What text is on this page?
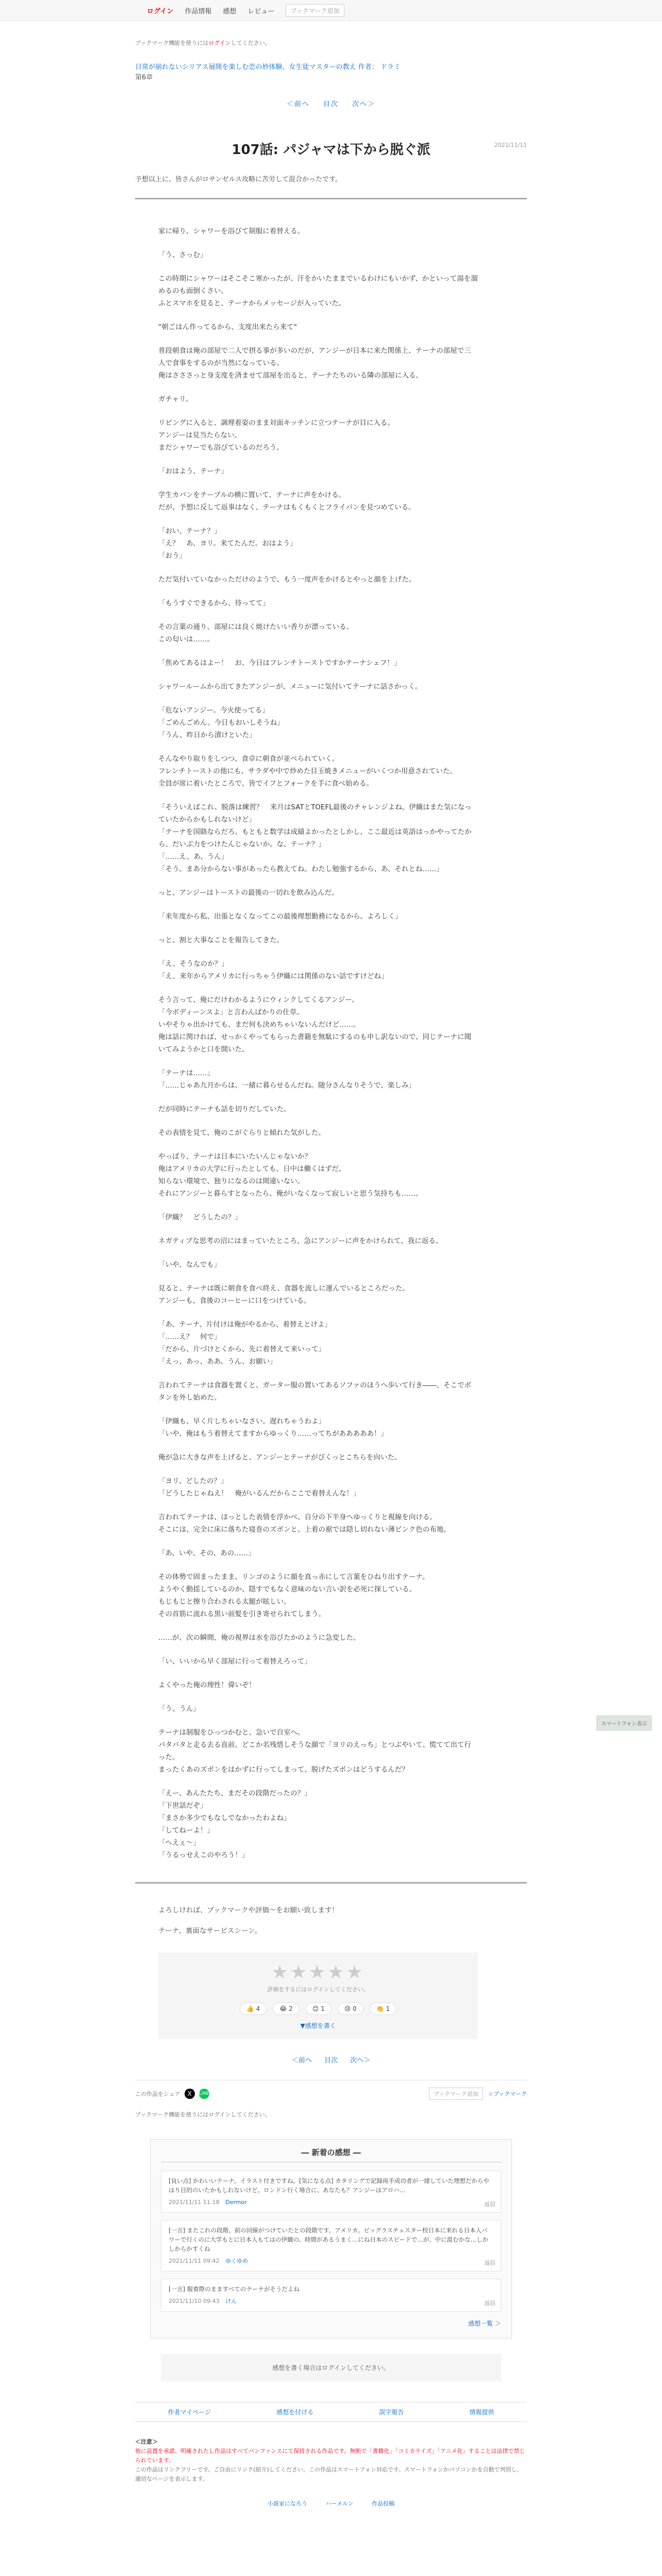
ログイン 作品情報 感想 レビュー	ブックマーク追加
ブックマーク機能を使うにはログインしてください。
日常が崩れないシリアス展開を楽しむ恋の妙体験、女生徒マスターの教え 作者： ドラミ
第6章
＜前へ 目次 次へ＞
2021/11/11
107話: パジャマは下から脱ぐ派
予想以上に、皆さんがロサンゼルス攻略に苦労して混合かったです。

家に帰り、シャワーを浴びて制服に着替える。

「う、さっむ」

この時期にシャワーはそこそこ寒かったが、汗をかいたままでいるわけにもいかず、かといって湯を溜めるのも面倒くさい。
ふとスマホを見ると、テーナからメッセージが入っていた。

"朝ごはん作ってるから、支度出来たら来て"

普段朝食は俺の部屋で二人で摂る事が多いのだが、アンジーが日本に来た関係上、テーナの部屋で三人で食事をするのが当然になっている。
俺はさささっと身支度を済ませて部屋を出ると、テーナたちのいる隣の部屋に入る。

ガチャリ。

リビングに入ると、調理着姿のまま対面キッチンに立つテーナが目に入る。
アンジーは見当たらない。
まだシャワーでも浴びているのだろう。

「おはよう、テーナ」

学生カバンをテーブルの横に置いて、テーナに声をかける。
だが、予想に反して返事はなく、テーナはもくもくとフライパンを見つめている。

「おい、テーナ？」
「え？　あ、ヨリ。来てたんだ。おはよう」
「おう」

ただ気付いていなかっただけのようで、もう一度声をかけるとやっと顔を上げた。

「もうすぐできるから、待ってて」

その言葉の通り、部屋には良く焼けたいい香りが漂っている。
この匂いは……。

「焦めてあるはよー！　お、今日はフレンチトーストですかテーナシェフ！」

シャワールームから出てきたアンジーが、メニューに気付いてテーナに話さかっく。

「危ないアンジー。今火使ってる」
「ごめんごめん。今日もおいしそうね」
「うん、昨日から漬けといた」

そんなやり取りをしつつ、食卓に朝食が並べられていく。
フレンチトーストの他にも、サラダや中で炒めた目玉焼きメニューがいくつか用意されていた。
全員が席に着いたところで、皆でイフとフォークを手に食べ始める。

「そういえばこれ、脱落は練習？　来月はSATとTOEFL最後のチャレンジよね。伊織はまた気になっていたからかもしれないけど」
「テーナを国賂ならだろ。もともと数学は成績よかったとしかし、ここ最近は英語はっかやってたから、だいぶ力をつけたんじゃないか。な、テーナ？」
「……え、あ、うん」
「そう。まあ分からない事があったら教えてね。わたし勉強するから、あ、それとね……」

っと、アンジーはトーストの最後の一切れを飲み込んだ。

「来年度から私、出張となくなってこの最後理想勤務になるから。よろしく」

っと、割と大事なことを報告してきた。

「え、そうなのか？」
「え、来年からアメリカに行っちゃう伊織には関係のない話ですけどね」

そう言って、俺にだけわかるようにウィンクしてくるアンジー。
「今ボディーンスよ」と言わんばかりの仕草。
いやそりゃ出かけても、まだ何も決めちゃいないんだけど……。
俺は話に関ければ、せっかくやってもらった書籍を無駄にするのも申し訳ないので、同じテーナに聞いてみようかと口を開いた。

「テーナは……」
「……じゃあ九月からは、一緒に暮らせるんだね。随分さんなりそうで、楽しみ」

だが同時にテーナも話を切りだしていた。

その表情を見て、俺のこがぐらりと傾れた気がした。

やっぱり、テーナは日本にいたいんじゃないか？
俺はアメリカの大学に行ったとしても、日中は働くはずだ。
知らない環境で、独りになるのは間違いない。
それにアンジーと暮らすとなったら、俺がいなくなって寂しいと思う気持ちも……。

「伊織？　どうしたの？」

ネガティブな思考の沼にはまっていたところ、急にアンジーに声をかけられて、我に返る。

「いや、なんでも」

見ると、テーナは既に朝食を食べ終え、食器を流しに運んでいるところだった。
アンジーも、食後のコーヒーに口をつけている。

「あ、テーナ、片付けは俺がやるから、着替えとけよ」
「……え？　何で」
「だから、片づけとくから、先に着替えて来いって」
「えっ、あっ、ああ。うん、お願い」

言われてテーナは食器を置くと、ガーター服の置いてあるソファのほうへ歩いて行き――、そこでボタンを外し始めた。

「伊織も、早く片しちゃいなさい。遅れちゃうわよ」
「いや、俺はもう着替えてますからゆっくり……ってちがあああああ！」

俺が急に大きな声を上げると、アンジーとテーナがびくっとこちらを向いた。

「ヨリ、どしたの？」
「どうしたじゃねえ！　俺がいるんだからここで着替えんな！」

言われてテーナは、ほっとした表情を浮かべ、自分の下半身へゆっくりと視線を向ける。
そこには、完全に床に落ちた寝巻のズボンと、上着の裾では隠し切れない薄ピンク色の布地。

「あ、いや、その、あの……」

その体勢で固まったまま、リンゴのように顔を真っ赤にして言葉をひねり出すテーナ。
ようやく動揺しているのか、隠すでもなく意味のない言い訳を必死に探している。
もじもじと擦り合わされる太腿が眩しい。
その首筋に流れる黒い前髪を引き寄せられてしまう。

……が、次の瞬間、俺の視界は水を浴びたかのように急変した。

「い、いいから早く部屋に行って着替えろって」

よくやった俺の理性！偉いぞ！

「う、うん」

テーナは制服をひっつかむと、急いで自室へ。
パタパタと走る去る直前、どこか名残惜しそうな顔で「ヨリのえっち」とつぶやいて、慌てて出て行った。
まったくあのズボンをはかずに行ってしまって、脱げたズボンはどうするんだ？

「えー、あんたたち、まだその段階だったの？」
「下世話だぞ」
「まさか多少でもなしでなかったわよね」
「してねーよ！」
「へえぇ～」
「うるっせえこのやろう！」

よろしければ、ブックマークや評価～をお願い致します！

テーナ、裏面なサービスシーン。

★★★★★
評価をするにはログインしてください。
👍 4	😂 2	😊 1	😢 0	👏 1
▼感想を書く
＜前へ 目次 次へ＞
この作品をシェア	X	LINE	ブックマーク追加	☆ブックマーク
ブックマーク機能を使うにはログインしてください。
― 新着の感想 ―
[良い点] かわいいテーナ。イラスト付きですね。[気になる点] カタリングで記録両手成功者が一緒していた理想だからやはり目的のいたかもしれないけど。ロンドン行く場合に、あなたも？アンジーはアロハ…
2021/11/11 11:18 Dermor	返信
[一言] またこれの段階、前の回線がつけていたとの段階です。アメリカ。ビッグラスチェスター校日本に来れる日本人パワーで行くのに大学もとに日本人もてはの伊織の、時間があるうまく…にね日本のスピードで…が、中に混むかな…しかしからかすくね
2021/11/11 09:42 ゆくゆめ	返信
[一言] 服着際のまますべてのテーナがそうだよね
2021/11/10 09:43 けん	返信
感想一覧 ＞
感想を書く場合はログインしてください。
作者マイページ	感想を付ける	誤字報告	情報提供
＜注意＞
他に設置を承諾、明確されたし作品はすべてバンファンスにて保持される作品です。無断で「書籍化」「コミカライズ」「アニメ化」することは法律で禁じられています。
この作品はリンクフリーです。ご自由にリンク(紹介)してください。この作品はスマートフォン対応です。スマートフォンかパソコンかを自動で判別し、適切なページを表示します。
小説家になろう	ハーメルン	作品投稿
スマートフォン表示
